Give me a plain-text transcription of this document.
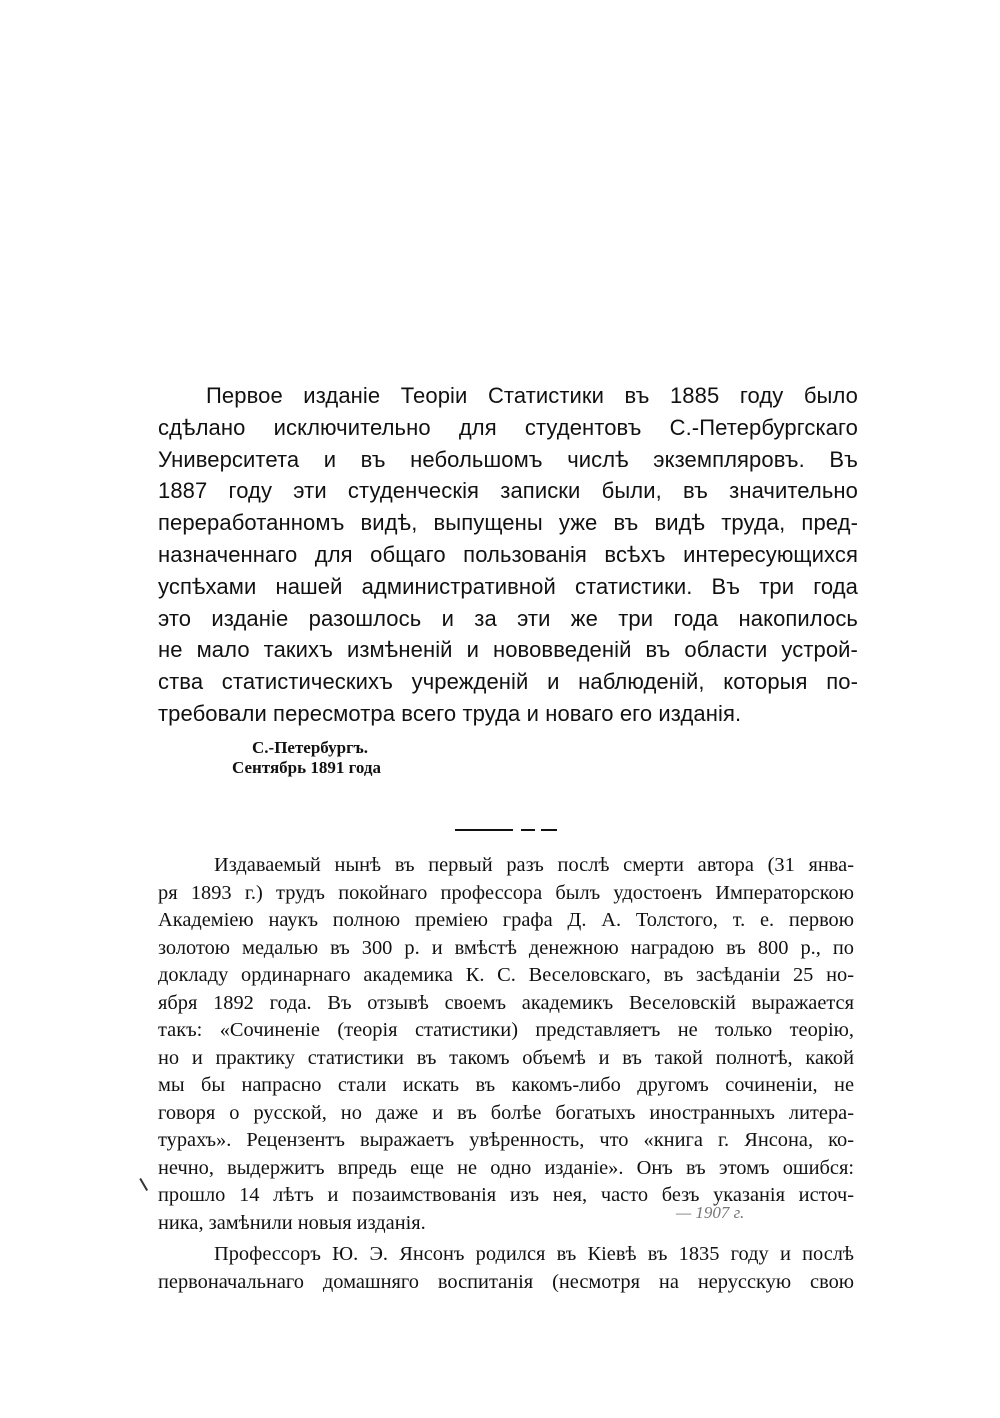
Первое изданіе Теоріи Статистики въ 1885 году было
сдѣлано исключительно для студентовъ С.-Петербургскаго
Университета и въ небольшомъ числѣ экземпляровъ. Въ
1887 году эти студенческія записки были, въ значительно
переработанномъ видѣ, выпущены уже въ видѣ труда, пред-
назначеннаго для общаго пользованія всѣхъ интересующихся
успѣхами нашей административной статистики. Въ три года
это изданіе разошлось и за эти же три года накопилось
не мало такихъ измѣненій и нововведеній въ области устрой-
ства статистическихъ учрежденій и наблюденій, которыя по-
требовали пересмотра всего труда и новаго его изданія.
С.-Петербургъ.
Сентябрь 1891 года
Издаваемый нынѣ въ первый разъ послѣ смерти автора (31 янва-
ря 1893 г.) трудъ покойнаго профессора былъ удостоенъ Императорскою
Академіею наукъ полною преміею графа Д. А. Толстого, т. е. первою
золотою медалью въ 300 р. и вмѣстѣ денежною наградою въ 800 р., по
докладу ординарнаго академика К. С. Веселовскаго, въ засѣданіи 25 но-
ября 1892 года. Въ отзывѣ своемъ академикъ Веселовскій выражается
такъ: «Сочиненіе (теорія статистики) представляетъ не только теорію,
но и практику статистики въ такомъ объемѣ и въ такой полнотѣ, какой
мы бы напрасно стали искать въ какомъ-либо другомъ сочиненіи, не
говоря о русской, но даже и въ болѣе богатыхъ иностранныхъ литера-
турахъ». Рецензентъ выражаетъ увѣренность, что «книга г. Янсона, ко-
нечно, выдержитъ впредь еще не одно изданіе». Онъ въ этомъ ошибся:
прошло 14 лѣтъ и позаимствованія изъ нея, часто безъ указанія источ-
ника, замѣнили новыя изданія.
Профессоръ Ю. Э. Янсонъ родился въ Кіевѣ въ 1835 году и послѣ
первоначальнаго домашняго воспитанія (несмотря на нерусскую свою
— 1907 г.
